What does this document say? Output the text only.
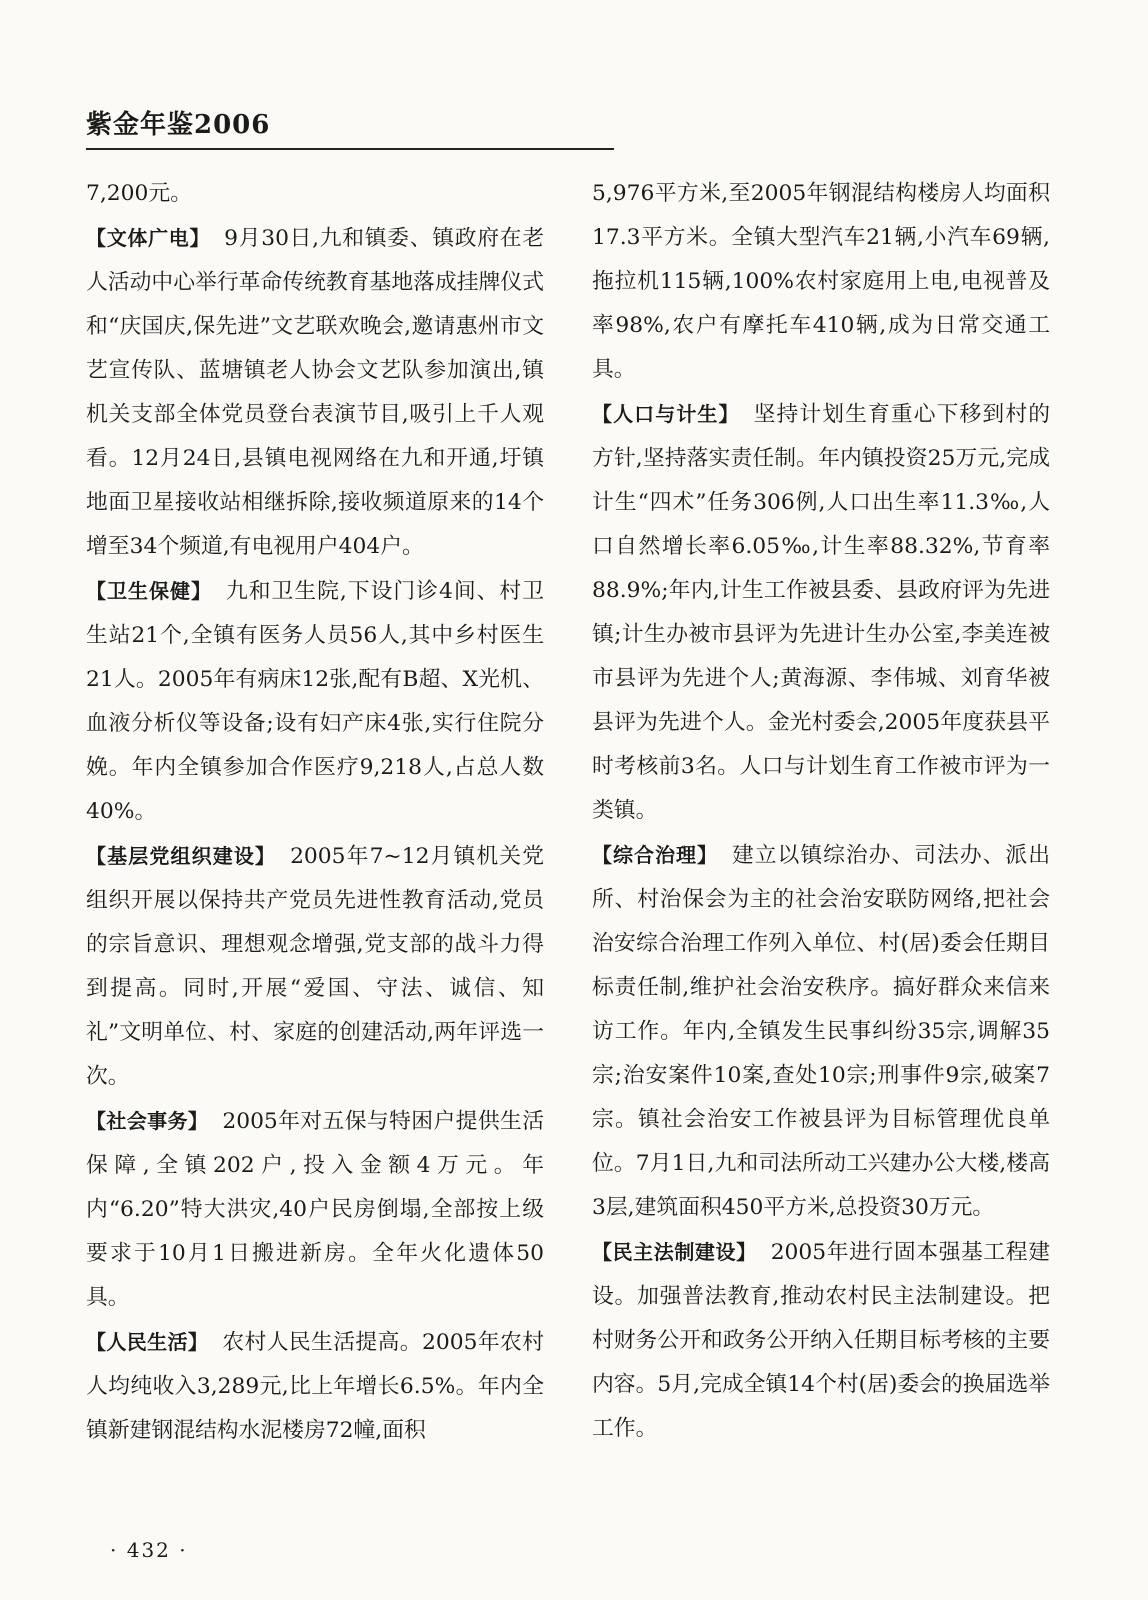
紫金年鉴2006

7,200元。

【文体广电】 9月30日,九和镇委、镇政府在老人活动中心举行革命传统教育基地落成挂牌仪式和“庆国庆,保先进”文艺联欢晚会,邀请惠州市文艺宣传队、蓝塘镇老人协会文艺队参加演出,镇机关支部全体党员登台表演节目,吸引上千人观看。12月24日,县镇电视网络在九和开通,圩镇地面卫星接收站相继拆除,接收频道原来的14个增至34个频道,有电视用户404户。

【卫生保健】 九和卫生院,下设门诊4间、村卫生站21个,全镇有医务人员56人,其中乡村医生21人。2005年有病床12张,配有B超、X光机、血液分析仪等设备;设有妇产床4张,实行住院分娩。年内全镇参加合作医疗9,218人,占总人数40%。

【基层党组织建设】 2005年7~12月镇机关党组织开展以保持共产党员先进性教育活动,党员的宗旨意识、理想观念增强,党支部的战斗力得到提高。同时,开展“爱国、守法、诚信、知礼”文明单位、村、家庭的创建活动,两年评选一次。

【社会事务】 2005年对五保与特困户提供生活保障,全镇202户,投入金额4万元。年内“6.20”特大洪灾,40户民房倒塌,全部按上级要求于10月1日搬进新房。全年火化遗体50具。

【人民生活】 农村人民生活提高。2005年农村人均纯收入3,289元,比上年增长6.5%。年内全镇新建钢混结构水泥楼房72幢,面积

5,976平方米,至2005年钢混结构楼房人均面积17.3平方米。全镇大型汽车21辆,小汽车69辆,拖拉机115辆,100%农村家庭用上电,电视普及率98%,农户有摩托车410辆,成为日常交通工具。

【人口与计生】 坚持计划生育重心下移到村的方针,坚持落实责任制。年内镇投资25万元,完成计生“四术”任务306例,人口出生率11.3‰,人口自然增长率6.05‰,计生率88.32%,节育率88.9%;年内,计生工作被县委、县政府评为先进镇;计生办被市县评为先进计生办公室,李美连被市县评为先进个人;黄海源、李伟城、刘育华被县评为先进个人。金光村委会,2005年度获县平时考核前3名。人口与计划生育工作被市评为一类镇。

【综合治理】 建立以镇综治办、司法办、派出所、村治保会为主的社会治安联防网络,把社会治安综合治理工作列入单位、村(居)委会任期目标责任制,维护社会治安秩序。搞好群众来信来访工作。年内,全镇发生民事纠纷35宗,调解35宗;治安案件10案,查处10宗;刑事件9宗,破案7宗。镇社会治安工作被县评为目标管理优良单位。7月1日,九和司法所动工兴建办公大楼,楼高3层,建筑面积450平方米,总投资30万元。

【民主法制建设】 2005年进行固本强基工程建设。加强普法教育,推动农村民主法制建设。把村财务公开和政务公开纳入任期目标考核的主要内容。5月,完成全镇14个村(居)委会的换届选举工作。

· 432 ·
